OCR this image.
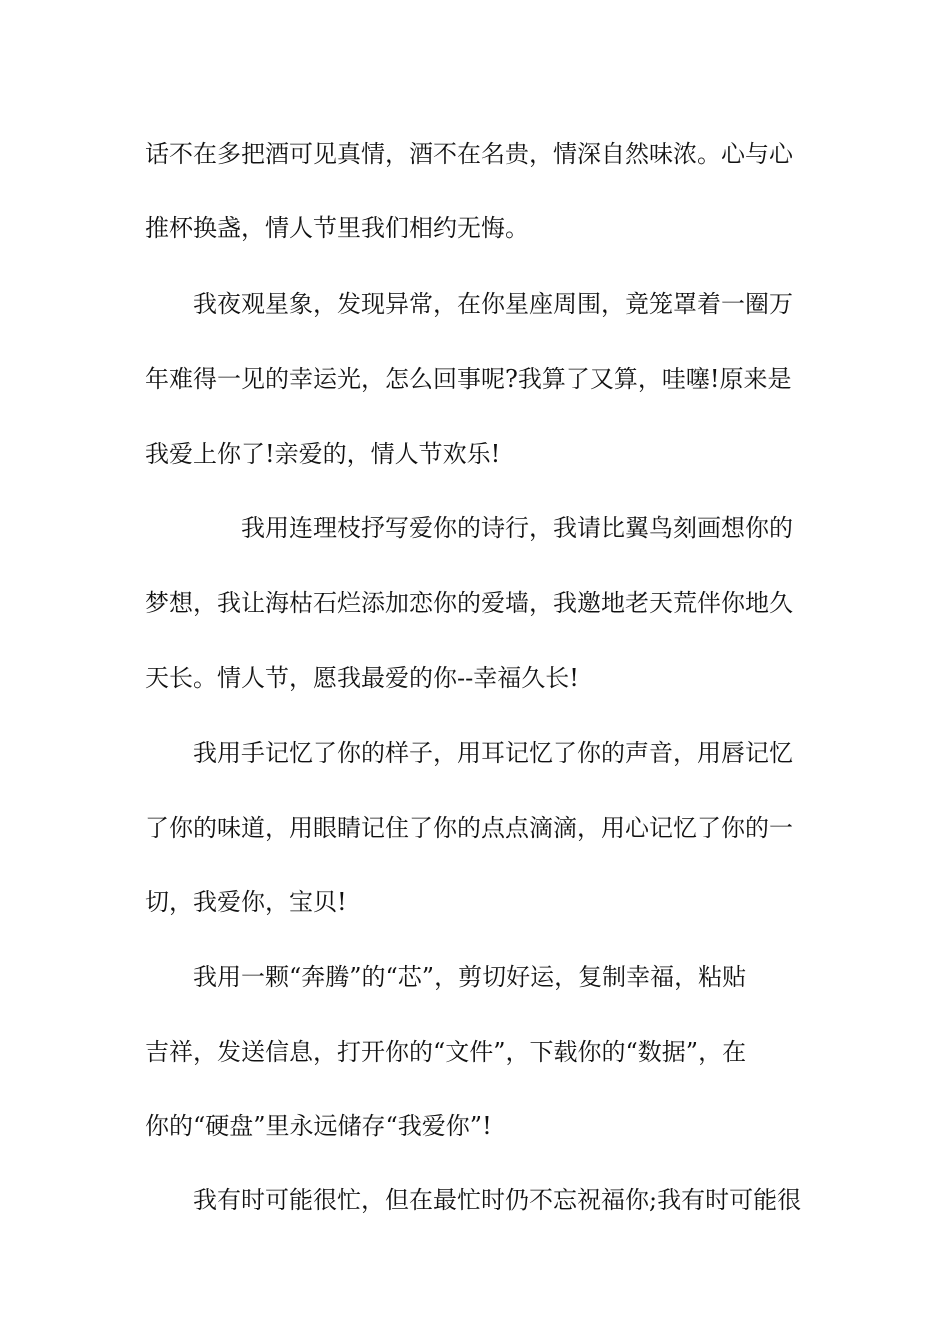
话不在多把酒可见真情，酒不在名贵，情深自然味浓。心与心
推杯换盏，情人节里我们相约无悔。
我夜观星象，发现异常，在你星座周围，竟笼罩着一圈万
年难得一见的幸运光，怎么回事呢?我算了又算，哇噻!原来是
我爱上你了!亲爱的，情人节欢乐!
我用连理枝抒写爱你的诗行，我请比翼鸟刻画想你的
梦想，我让海枯石烂添加恋你的爱墙，我邀地老天荒伴你地久
天长。情人节，愿我最爱的你--幸福久长!
我用手记忆了你的样子，用耳记忆了你的声音，用唇记忆
了你的味道，用眼睛记住了你的点点滴滴，用心记忆了你的一
切，我爱你，宝贝!
我用一颗“奔腾”的“芯”，剪切好运，复制幸福，粘贴
吉祥，发送信息，打开你的“文件”，下载你的“数据”，在
你的“硬盘”里永远储存“我爱你”!
我有时可能很忙，但在最忙时仍不忘祝福你;我有时可能很
